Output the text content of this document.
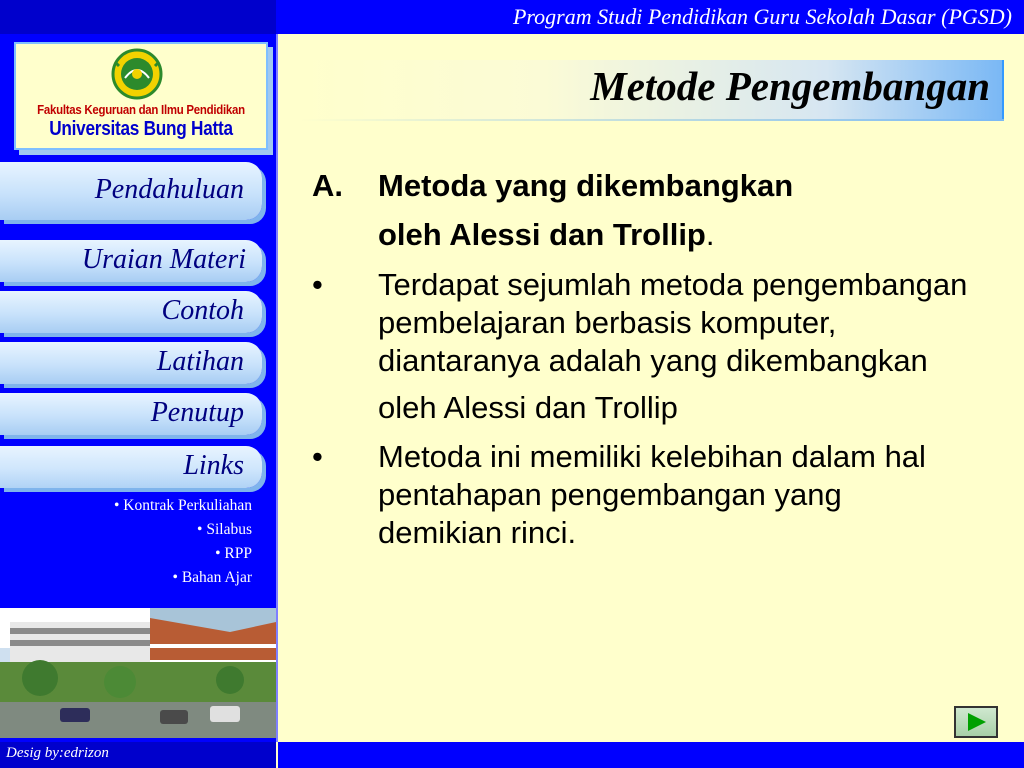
Program Studi Pendidikan Guru Sekolah Dasar (PGSD)
Fakultas Keguruan dan Ilmu Pendidikan
Universitas Bung Hatta
Pendahuluan
Uraian Materi
Contoh
Latihan
Penutup
Links
• Kontrak Perkuliahan
• Silabus
• RPP
• Bahan Ajar
Desig by:edrizon
Metode Pengembangan
A. Metoda yang dikembangkan
oleh Alessi dan Trollip.
• Terdapat sejumlah metoda pengembangan pembelajaran berbasis komputer, diantaranya adalah yang dikembangkan
oleh Alessi dan Trollip
• Metoda ini memiliki kelebihan dalam hal pentahapan pengembangan yang demikian rinci.
